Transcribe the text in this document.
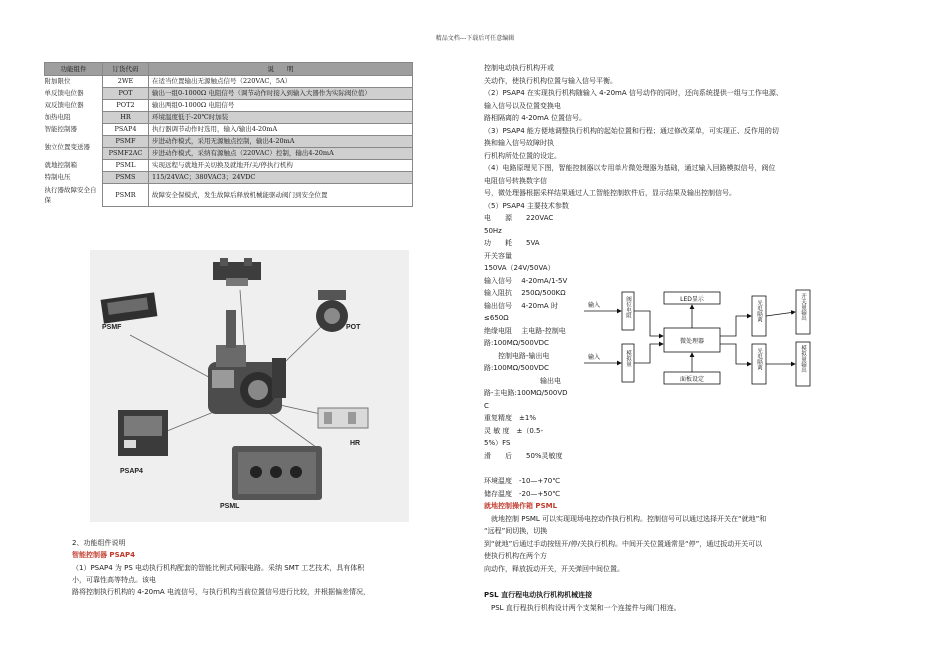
精品文档---下载后可任意编辑
功能组件	订货代码	说　　明
附加限位	2WE	在适当位置输出无源触点信号（220VAC，5A）
单反馈电位器	POT	输出一组0-1000Ω 电阻信号（调节动作时接入到输入大器作为实际阀位值）
双反馈电位器	POT2	输出两组0-1000Ω 电阻信号
加热电阻	HR	环境温度低于-20℃时加装
智能控制器	PSAP4	执行器调节动作时选用，输入/输出4-20mA
独立位置变送器	PSMF	步进动作模式，采用无源触点控制，输出4-20mA
	PSMF2AC	步进动作模式，采纳有源触点（220VAC）控制，输出4-20mA
就地控制箱	PSML	实现远程与就地开关切换及就地开/关/停执行机构
特制电压	PSMS	115/24VAC；380VAC3；24VDC
执行器故障安全自保	PSMR	故障安全保模式，发生故障后释放机械能驱动阀门到安全位置
PSMF	POT
PSAP4
HR
PSML
2、功能组件说明
智能控制器 PSAP4
（1）PSAP4 为 PS 电动执行机构配套的智能比例式伺服电路。采纳 SMT 工艺技术，具有体积
小，可靠性高等特点。该电
路将控制执行机构的 4-20mA 电流信号，与执行机构当前位置信号进行比较，并根据偏差情况，
控制电动执行机构开或
关动作，使执行机构位置与输入信号平衡。
（2）PSAP4 在实现执行机构随输入 4-20mA 信号动作的同时，还向系统提供一组与工作电源、
输入信号以及位置变换电
路相隔离的 4-20mA 位置信号。
（3）PSAP4 能方便地调整执行机构的起始位置和行程；通过修改菜单，可实现正、反作用的切
换和输入信号故障时执
行机构所处位置的设定。
（4）电路原理见下图，智能控制器以专用单片微处理器为基础，通过输入回路模拟信号，阀位
电阻信号转换数字信
号，微处理器根据采样结果通过人工智能控制软件后，显示结果及输出控制信号。
（5）PSAP4 主要技术参数
电　　源　　220VAC
50Hz
功　　耗　　5VA
开关容量
150VA（24V/50VA）
输入信号　 4-20mA/1-5V
输入阻抗　 250Ω/500KΩ
输出信号　 4-20mA 时
≤650Ω
绝缘电阻　 主电路-控制电
路:100MΩ/500VDC
　　控制电路-输出电
路:100MΩ/500VDC
　　　　　　　　输出电
路-主电路:100MΩ/500VD
C
重复精度　±1%
灵 敏 度　±（0.5-
5%）FS
滑　　后　　50%灵敏度
环境温度　-10—+70℃
储存温度　-20—+50℃
就地控制操作箱 PSML
　就地控制 PSML 可以实现现场电控动作执行机构。控制信号可以通过选择开关在“就地”和
“远程”间切换，切换
到“就地”后通过手动按钮开/停/关执行机构。中间开关位置通常是“停”，通过扳动开关可以
使执行机构在两个方
向动作，释放扳动开关，开关弹回中间位置。
PSL 直行程电动执行机构机械连接
　PSL 直行程执行机构设计两个支架和一个连接件与阀门相连。
输入
输入
LED显示
微处理器
面板设定
阀位电阻
模拟量
光电隔离
光电隔离
开关量输出
模拟量输出
